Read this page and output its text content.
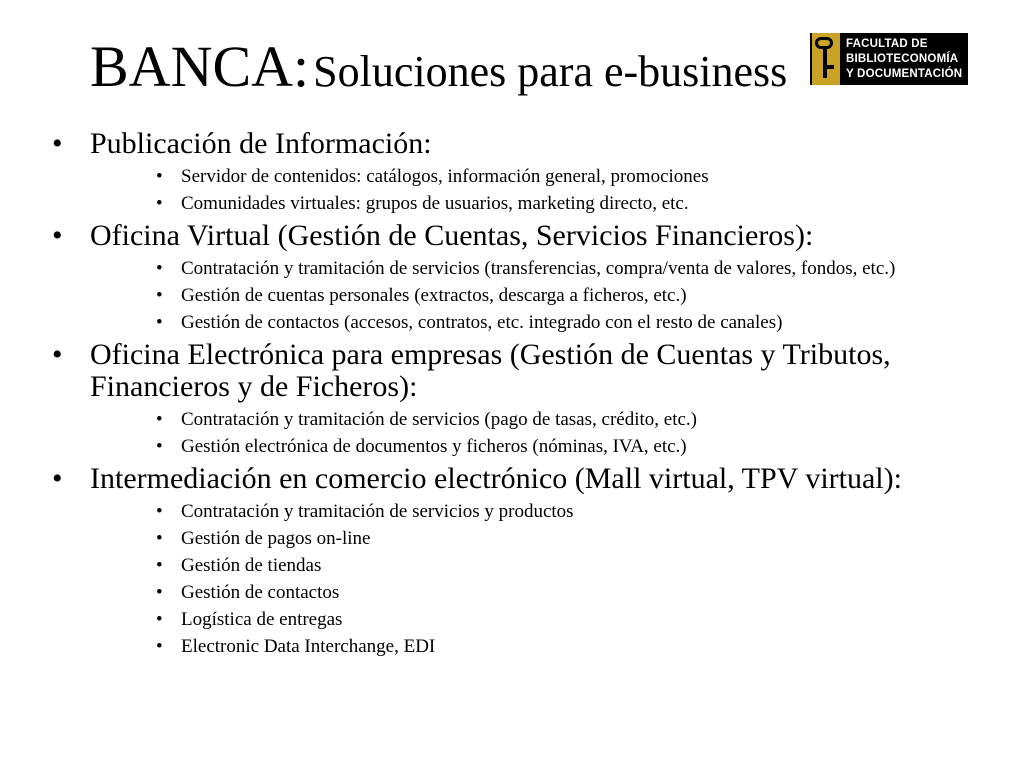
BANCA: Soluciones para e-business
FACULTAD DE
BIBLIOTECONOMÍA
Y DOCUMENTACIÓN
• Publicación de Información:
• Servidor de contenidos: catálogos, información general, promociones
• Comunidades virtuales: grupos de usuarios, marketing directo, etc.
• Oficina Virtual (Gestión de Cuentas, Servicios Financieros):
• Contratación y tramitación de servicios (transferencias, compra/venta de valores, fondos, etc.)
• Gestión de cuentas personales (extractos, descarga a ficheros, etc.)
• Gestión de contactos (accesos, contratos, etc. integrado con el resto de canales)
• Oficina Electrónica para empresas (Gestión de Cuentas y Tributos, Financieros y de Ficheros):
• Contratación y tramitación de servicios (pago de tasas, crédito, etc.)
• Gestión electrónica de documentos y ficheros (nóminas, IVA, etc.)
• Intermediación en comercio electrónico (Mall virtual, TPV virtual):
• Contratación y tramitación de servicios y productos
• Gestión de pagos on-line
• Gestión de tiendas
• Gestión de contactos
• Logística de entregas
• Electronic Data Interchange, EDI
